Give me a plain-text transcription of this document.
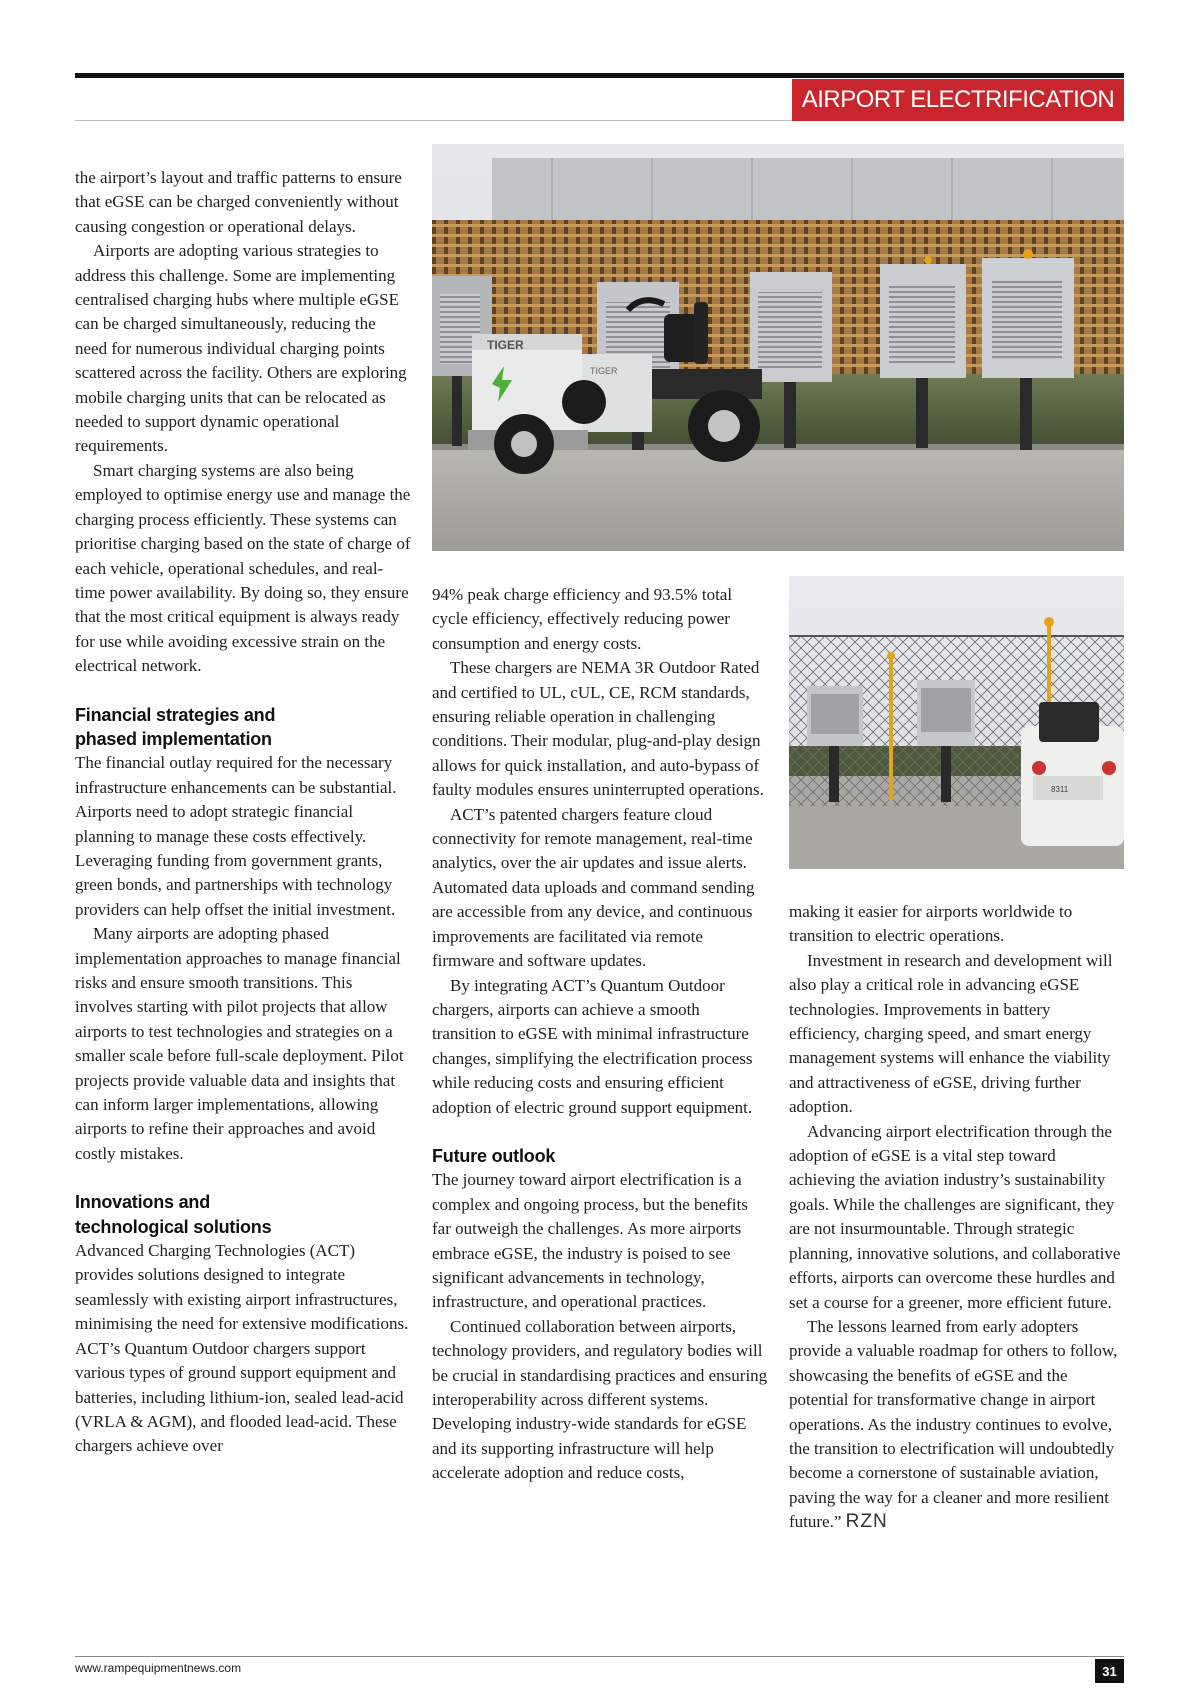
AIRPORT ELECTRIFICATION
TIGER
TIGER
8311

the airport’s layout and traffic patterns to ensure that eGSE can be charged conveniently without causing congestion or operational delays.

Airports are adopting various strategies to address this challenge. Some are implementing centralised charging hubs where multiple eGSE can be charged simultaneously, reducing the need for numerous individual charging points scattered across the facility. Others are exploring mobile charging units that can be relocated as needed to support dynamic operational requirements.

Smart charging systems are also being employed to optimise energy use and manage the charging process efficiently. These systems can prioritise charging based on the state of charge of each vehicle, operational schedules, and real-time power availability. By doing so, they ensure that the most critical equipment is always ready for use while avoiding excessive strain on the electrical network.

Financial strategies and
phased implementation

The financial outlay required for the necessary infrastructure enhancements can be substantial. Airports need to adopt strategic financial planning to manage these costs effectively. Leveraging funding from government grants, green bonds, and partnerships with technology providers can help offset the initial investment.

Many airports are adopting phased implementation approaches to manage financial risks and ensure smooth transitions. This involves starting with pilot projects that allow airports to test technologies and strategies on a smaller scale before full-scale deployment. Pilot projects provide valuable data and insights that can inform larger implementations, allowing airports to refine their approaches and avoid costly mistakes.

Innovations and
technological solutions

Advanced Charging Technologies (ACT) provides solutions designed to integrate seamlessly with existing airport infrastructures, minimising the need for extensive modifications. ACT’s Quantum Outdoor chargers support various types of ground support equipment and batteries, including lithium-ion, sealed lead-acid (VRLA & AGM), and flooded lead-acid. These chargers achieve over

94% peak charge efficiency and 93.5% total cycle efficiency, effectively reducing power consumption and energy costs.

These chargers are NEMA 3R Outdoor Rated and certified to UL, cUL, CE, RCM standards, ensuring reliable operation in challenging conditions. Their modular, plug-and-play design allows for quick installation, and auto-bypass of faulty modules ensures uninterrupted operations.

ACT’s patented chargers feature cloud connectivity for remote management, real-time analytics, over the air updates and issue alerts. Automated data uploads and command sending are accessible from any device, and continuous improvements are facilitated via remote firmware and software updates.

By integrating ACT’s Quantum Outdoor chargers, airports can achieve a smooth transition to eGSE with minimal infrastructure changes, simplifying the electrification process while reducing costs and ensuring efficient adoption of electric ground support equipment.

Future outlook

The journey toward airport electrification is a complex and ongoing process, but the benefits far outweigh the challenges. As more airports embrace eGSE, the industry is poised to see significant advancements in technology, infrastructure, and operational practices.

Continued collaboration between airports, technology providers, and regulatory bodies will be crucial in standardising practices and ensuring interoperability across different systems. Developing industry-wide standards for eGSE and its supporting infrastructure will help accelerate adoption and reduce costs,

making it easier for airports worldwide to transition to electric operations.

Investment in research and development will also play a critical role in advancing eGSE technologies. Improvements in battery efficiency, charging speed, and smart energy management systems will enhance the viability and attractiveness of eGSE, driving further adoption.

Advancing airport electrification through the adoption of eGSE is a vital step toward achieving the aviation industry’s sustainability goals. While the challenges are significant, they are not insurmountable. Through strategic planning, innovative solutions, and collaborative efforts, airports can overcome these hurdles and set a course for a greener, more efficient future.

The lessons learned from early adopters provide a valuable roadmap for others to follow, showcasing the benefits of eGSE and the potential for transformative change in airport operations. As the industry continues to evolve, the transition to electrification will undoubtedly become a cornerstone of sustainable aviation, paving the way for a cleaner and more resilient future.” RZN

www.rampequipmentnews.com	31
